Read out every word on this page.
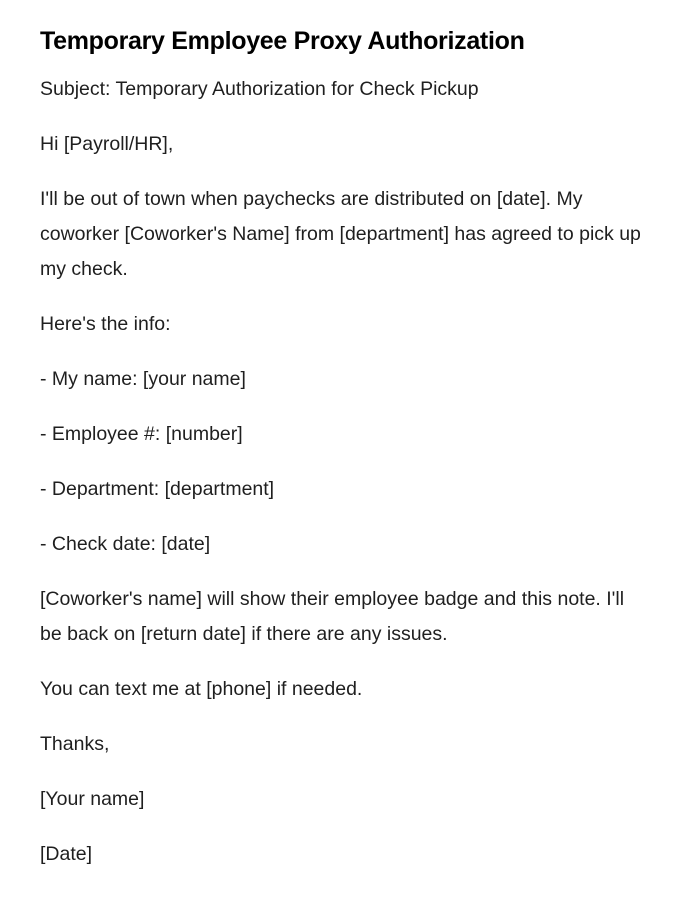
Temporary Employee Proxy Authorization

Subject: Temporary Authorization for Check Pickup

Hi [Payroll/HR],

I'll be out of town when paychecks are distributed on [date]. My coworker [Coworker's Name] from [department] has agreed to pick up my check.

Here's the info:

- My name: [your name]

- Employee #: [number]

- Department: [department]

- Check date: [date]

[Coworker's name] will show their employee badge and this note. I'll be back on [return date] if there are any issues.

You can text me at [phone] if needed.

Thanks,

[Your name]

[Date]
